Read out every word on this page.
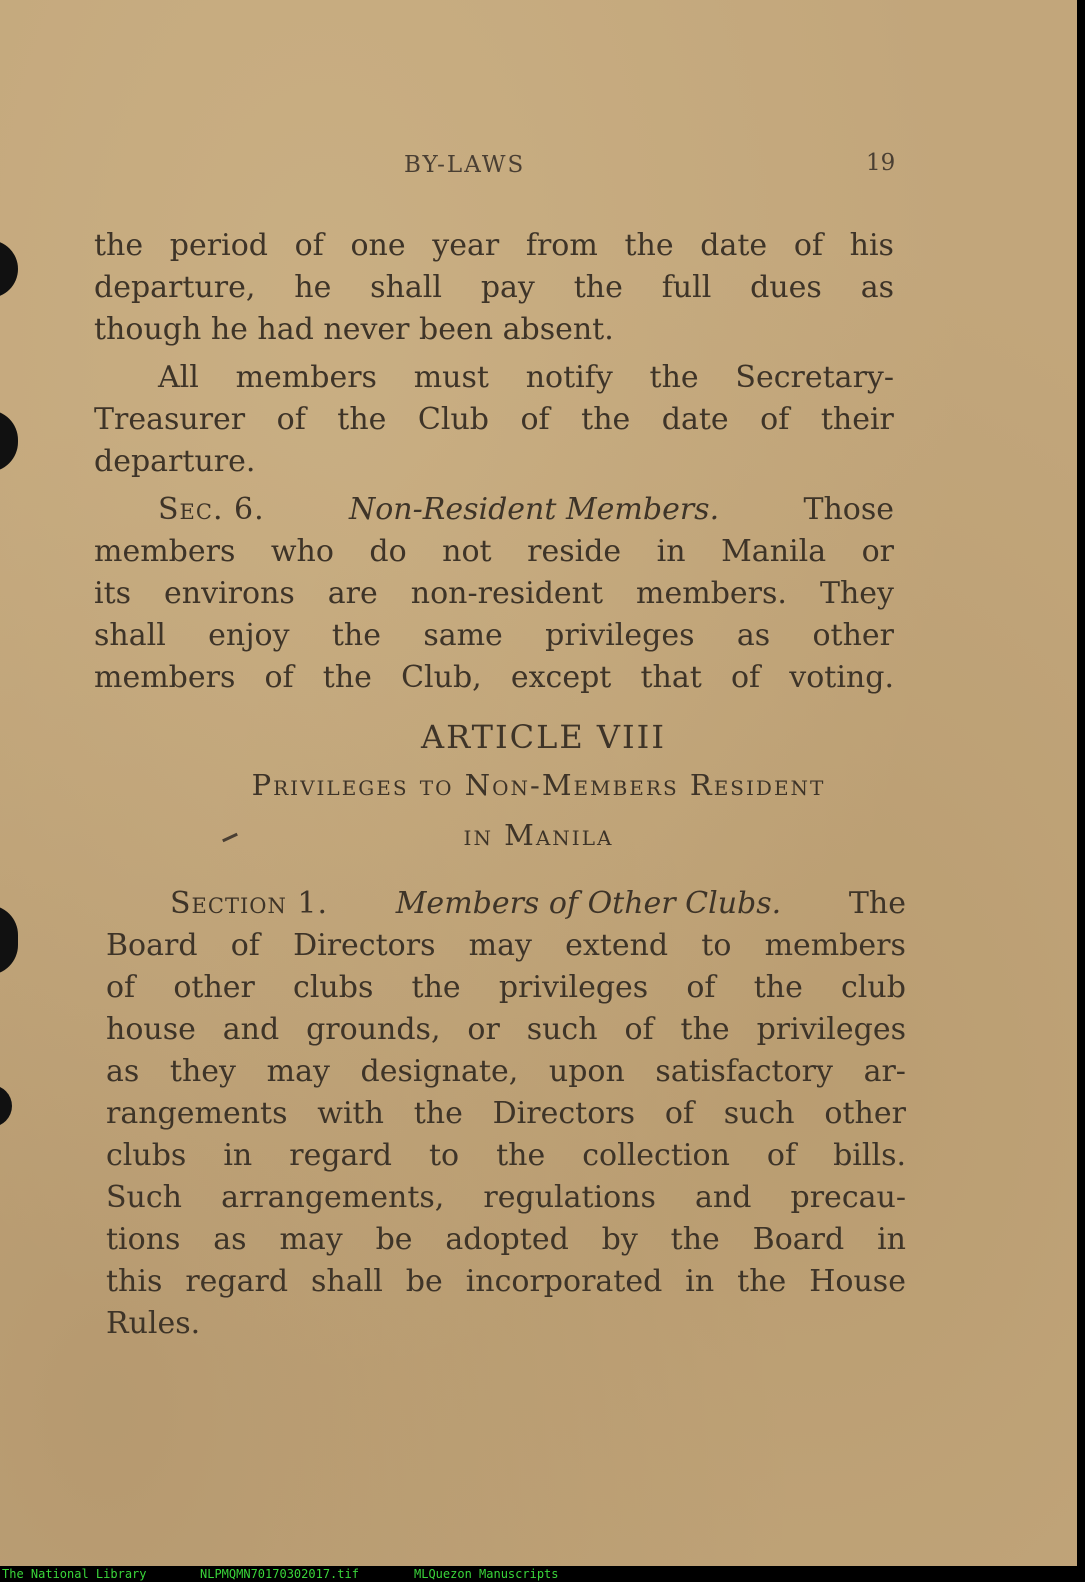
BY-LAWS	19
the period of one year from the date of his
departure, he shall pay the full dues as
though he had never been absent.
All members must notify the Secretary-
Treasurer of the Club of the date of their
departure.
Sec. 6.	Non-Resident Members.	Those
members who do not reside in Manila or
its environs are non-resident members. They
shall enjoy the same privileges as other
members of the Club, except that of voting.
ARTICLE VIII
Privileges to Non-Members Resident
in Manila
Section 1. Members of Other Clubs. The
Board of Directors may extend to members
of other clubs the privileges of the club
house and grounds, or such of the privileges
as they may designate, upon satisfactory ar-
rangements with the Directors of such other
clubs in regard to the collection of bills.
Such arrangements, regulations and precau-
tions as may be adopted by the Board in
this regard shall be incorporated in the House
Rules.
The National Library	NLPMQMN70170302017.tif	MLQuezon Manuscripts
